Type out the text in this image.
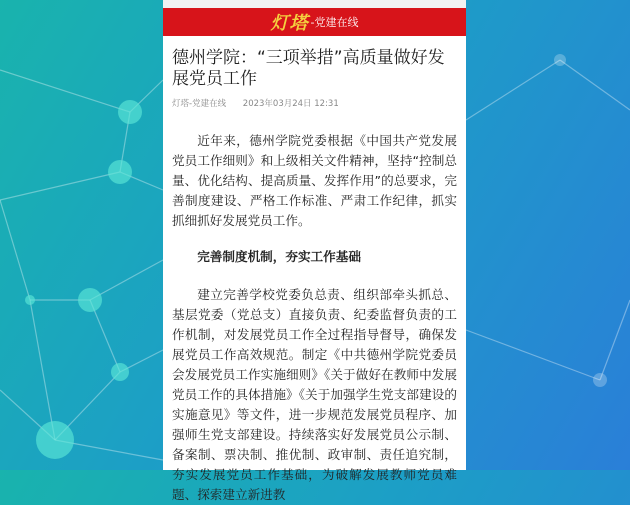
灯塔 -党建在线
德州学院：“三项举措”高质量做好发展党员工作
灯塔-党建在线 2023年03月24日 12:31

近年来，德州学院党委根据《中国共产党发展党员工作细则》和上级相关文件精神，坚持“控制总量、优化结构、提高质量、发挥作用”的总要求，完善制度建设、严格工作标准、严肃工作纪律，抓实抓细抓好发展党员工作。

完善制度机制，夯实工作基础

建立完善学校党委负总责、组织部牵头抓总、基层党委（党总支）直接负责、纪委监督负责的工作机制，对发展党员工作全过程指导督导，确保发展党员工作高效规范。制定《中共德州学院党委员会发展党员工作实施细则》《关于做好在教师中发展党员工作的具体措施》《关于加强学生党支部建设的实施意见》等文件，进一步规范发展党员程序、加强师生党支部建设。持续落实好发展党员公示制、备案制、票决制、推优制、政审制、责任追究制，夯实发展党员工作基础，为破解发展教师党员难题、探索建立新进教
